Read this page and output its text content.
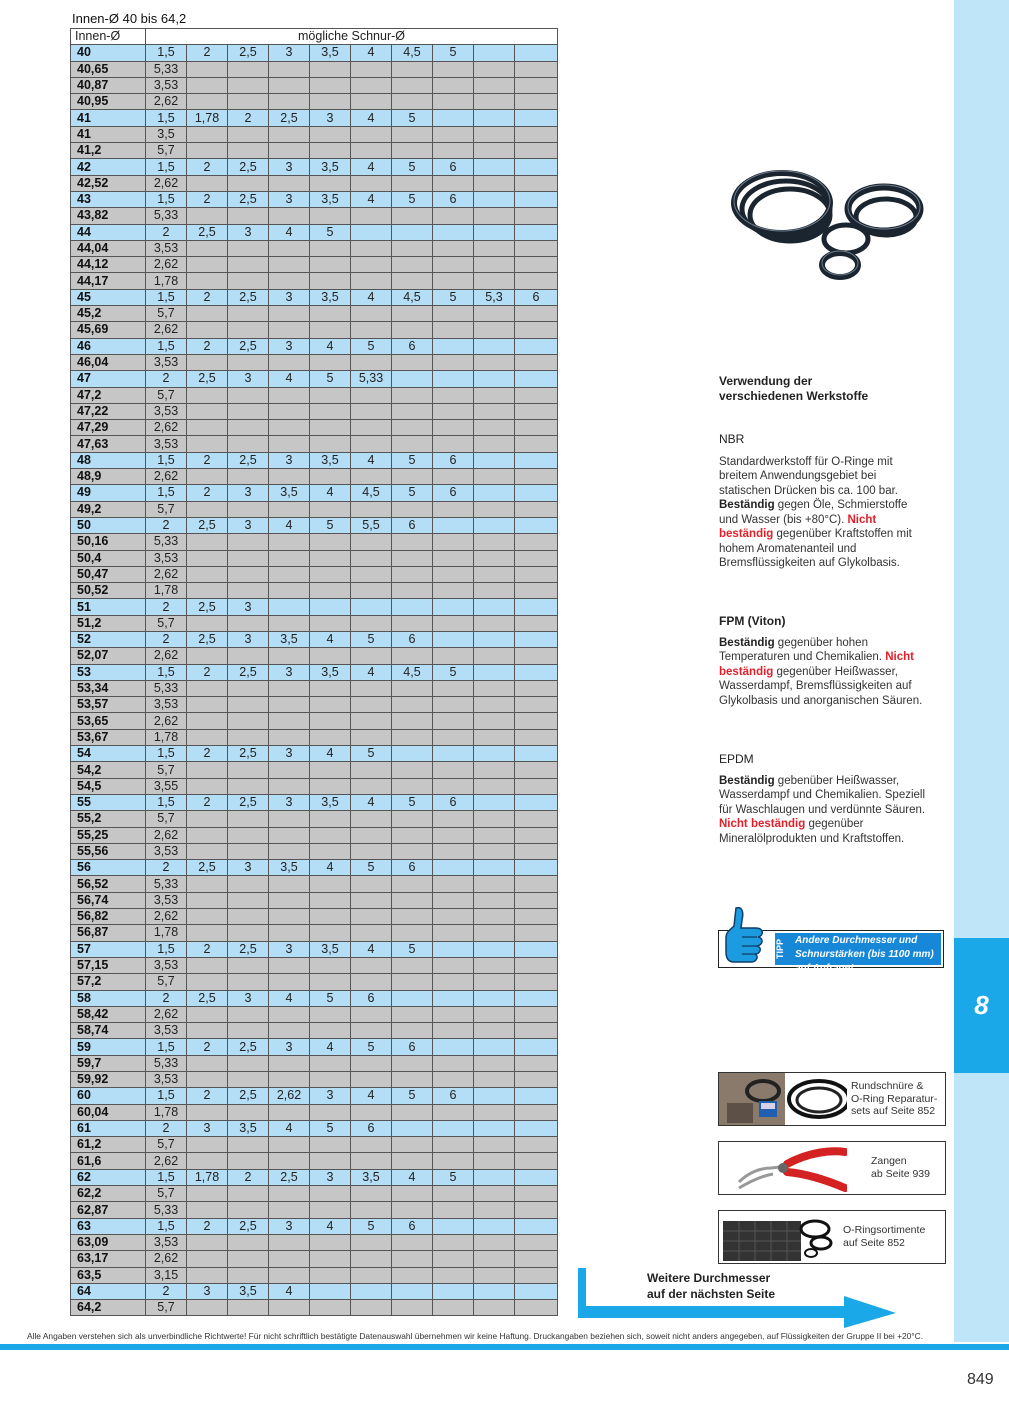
8
Innen-Ø 40 bis 64,2
Innen-Ø	mögliche Schnur-Ø									
40	1,5	2	2,5	3	3,5	4	4,5	5		
40,65	5,33									
40,87	3,53									
40,95	2,62									
41	1,5	1,78	2	2,5	3	4	5			
41	3,5									
41,2	5,7									
42	1,5	2	2,5	3	3,5	4	5	6		
42,52	2,62									
43	1,5	2	2,5	3	3,5	4	5	6		
43,82	5,33									
44	2	2,5	3	4	5					
44,04	3,53									
44,12	2,62									
44,17	1,78									
45	1,5	2	2,5	3	3,5	4	4,5	5	5,3	6
45,2	5,7									
45,69	2,62									
46	1,5	2	2,5	3	4	5	6			
46,04	3,53									
47	2	2,5	3	4	5	5,33				
47,2	5,7									
47,22	3,53									
47,29	2,62									
47,63	3,53									
48	1,5	2	2,5	3	3,5	4	5	6		
48,9	2,62									
49	1,5	2	3	3,5	4	4,5	5	6		
49,2	5,7									
50	2	2,5	3	4	5	5,5	6			
50,16	5,33									
50,4	3,53									
50,47	2,62									
50,52	1,78									
51	2	2,5	3							
51,2	5,7									
52	2	2,5	3	3,5	4	5	6			
52,07	2,62									
53	1,5	2	2,5	3	3,5	4	4,5	5		
53,34	5,33									
53,57	3,53									
53,65	2,62									
53,67	1,78									
54	1,5	2	2,5	3	4	5				
54,2	5,7									
54,5	3,55									
55	1,5	2	2,5	3	3,5	4	5	6		
55,2	5,7									
55,25	2,62									
55,56	3,53									
56	2	2,5	3	3,5	4	5	6			
56,52	5,33									
56,74	3,53									
56,82	2,62									
56,87	1,78									
57	1,5	2	2,5	3	3,5	4	5			
57,15	3,53									
57,2	5,7									
58	2	2,5	3	4	5	6				
58,42	2,62									
58,74	3,53									
59	1,5	2	2,5	3	4	5	6			
59,7	5,33									
59,92	3,53									
60	1,5	2	2,5	2,62	3	4	5	6		
60,04	1,78									
61	2	3	3,5	4	5	6				
61,2	5,7									
61,6	2,62									
62	1,5	1,78	2	2,5	3	3,5	4	5		
62,2	5,7									
62,87	5,33									
63	1,5	2	2,5	3	4	5	6			
63,09	3,53									
63,17	2,62									
63,5	3,15									
64	2	3	3,5	4						
64,2	5,7									
Verwendung der
verschiedenen Werkstoffe
NBR

Standardwerkstoff für O-Ringe mit breitem Anwendungsgebiet bei statischen Drücken bis ca. 100 bar. Beständig gegen Öle, Schmierstoffe und Wasser (bis +80°C). Nicht beständig gegenüber Kraftstoffen mit hohem Aromatenanteil und Bremsflüssigkeiten auf Glykolbasis.

FPM (Viton)

Beständig gegenüber hohen Temperaturen und Chemikalien. Nicht beständig gegenüber Heißwasser, Wasserdampf, Bremsflüssigkeiten auf Glykolbasis und anorganischen Säuren.

EPDM

Beständig gebenüber Heißwasser, Wasserdampf und Chemikalien. Speziell für Waschlaugen und verdünnte Säuren. Nicht beständig gegenüber Mineralölprodukten und Kraftstoffen.

TIPP	Andere Durchmesser und Schnurstärken (bis 1100 mm) auf Anfrage!
Rundschnüre &
O-Ring Reparatur-
sets auf Seite 852
Zangen
ab Seite 939
O-Ringsortimente
auf Seite 852
Weitere Durchmesser
auf der nächsten Seite
Alle Angaben verstehen sich als unverbindliche Richtwerte! Für nicht schriftlich bestätigte Datenauswahl übernehmen wir keine Haftung. Druckangaben beziehen sich, soweit nicht anders angegeben, auf Flüssigkeiten der Gruppe II bei +20°C.
849
